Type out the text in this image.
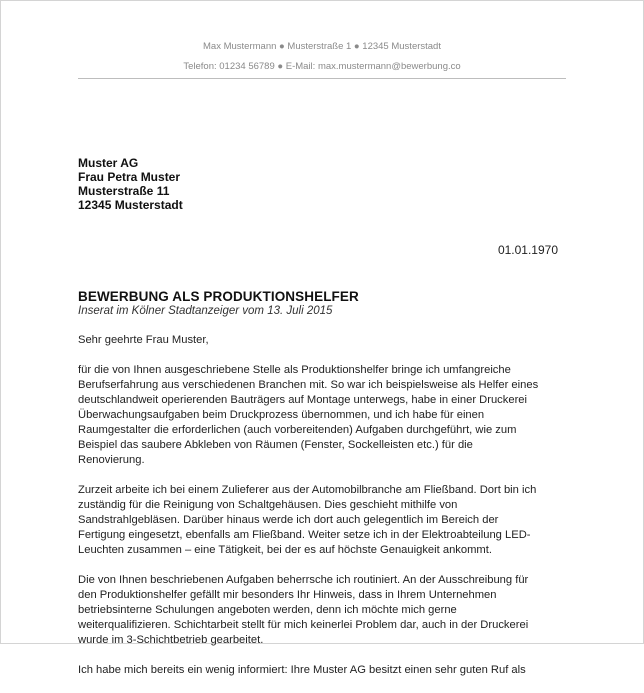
Max Mustermann ● Musterstraße 1 ● 12345 Musterstadt
Telefon: 01234 56789 ● E-Mail: max.mustermann@bewerbung.co
Muster AG
Frau Petra Muster
Musterstraße 11
12345 Musterstadt
01.01.1970
BEWERBUNG ALS PRODUKTIONSHELFER
Inserat im Kölner Stadtanzeiger vom 13. Juli 2015

Sehr geehrte Frau Muster,

für die von Ihnen ausgeschriebene Stelle als Produktionshelfer bringe ich umfangreiche
Berufserfahrung aus verschiedenen Branchen mit. So war ich beispielsweise als Helfer eines
deutschlandweit operierenden Bauträgers auf Montage unterwegs, habe in einer Druckerei
Überwachungsaufgaben beim Druckprozess übernommen, und ich habe für einen
Raumgestalter die erforderlichen (auch vorbereitenden) Aufgaben durchgeführt, wie zum
Beispiel das saubere Abkleben von Räumen (Fenster, Sockelleisten etc.) für die
Renovierung.

Zurzeit arbeite ich bei einem Zulieferer aus der Automobilbranche am Fließband. Dort bin ich
zuständig für die Reinigung von Schaltgehäusen. Dies geschieht mithilfe von
Sandstrahlgebläsen. Darüber hinaus werde ich dort auch gelegentlich im Bereich der
Fertigung eingesetzt, ebenfalls am Fließband. Weiter setze ich in der Elektroabteilung LED-
Leuchten zusammen – eine Tätigkeit, bei der es auf höchste Genauigkeit ankommt.

Die von Ihnen beschriebenen Aufgaben beherrsche ich routiniert. An der Ausschreibung für
den Produktionshelfer gefällt mir besonders Ihr Hinweis, dass in Ihrem Unternehmen
betriebsinterne Schulungen angeboten werden, denn ich möchte mich gerne
weiterqualifizieren. Schichtarbeit stellt für mich keinerlei Problem dar, auch in der Druckerei
wurde im 3-Schichtbetrieb gearbeitet.

Ich habe mich bereits ein wenig informiert: Ihre Muster AG besitzt einen sehr guten Ruf als
